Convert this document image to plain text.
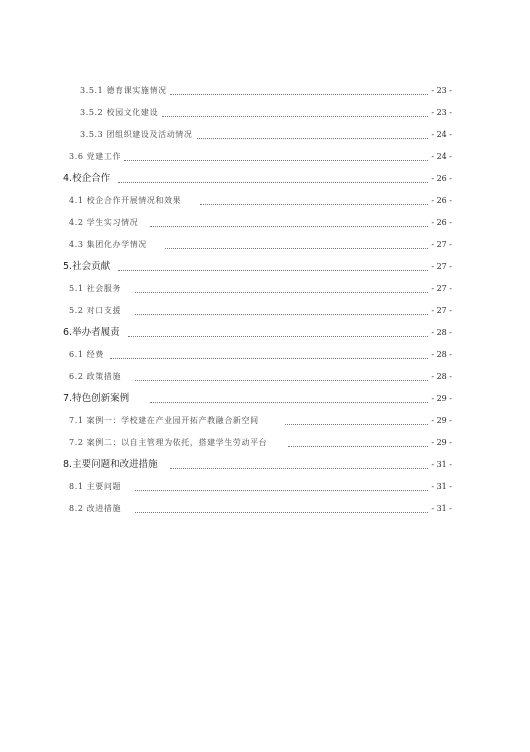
3.5.1 德育课实施情况	- 23 -
3.5.2 校园文化建设	- 23 -
3.5.3 团组织建设及活动情况	- 24 -
3.6 党建工作	- 24 -
4.校企合作	- 26 -
4.1 校企合作开展情况和效果	- 26 -
4.2 学生实习情况	- 26 -
4.3 集团化办学情况	- 27 -
5.社会贡献	- 27 -
5.1 社会服务	- 27 -
5.2 对口支援	- 27 -
6.举办者履责	- 28 -
6.1 经费	- 28 -
6.2 政策措施	- 28 -
7.特色创新案例	- 29 -
7.1 案例一：学校建在产业园开拓产教融合新空间	- 29 -
7.2 案例二：以自主管理为依托，搭建学生劳动平台	- 29 -
8.主要问题和改进措施	- 31 -
8.1 主要问题	- 31 -
8.2 改进措施	- 31 -
